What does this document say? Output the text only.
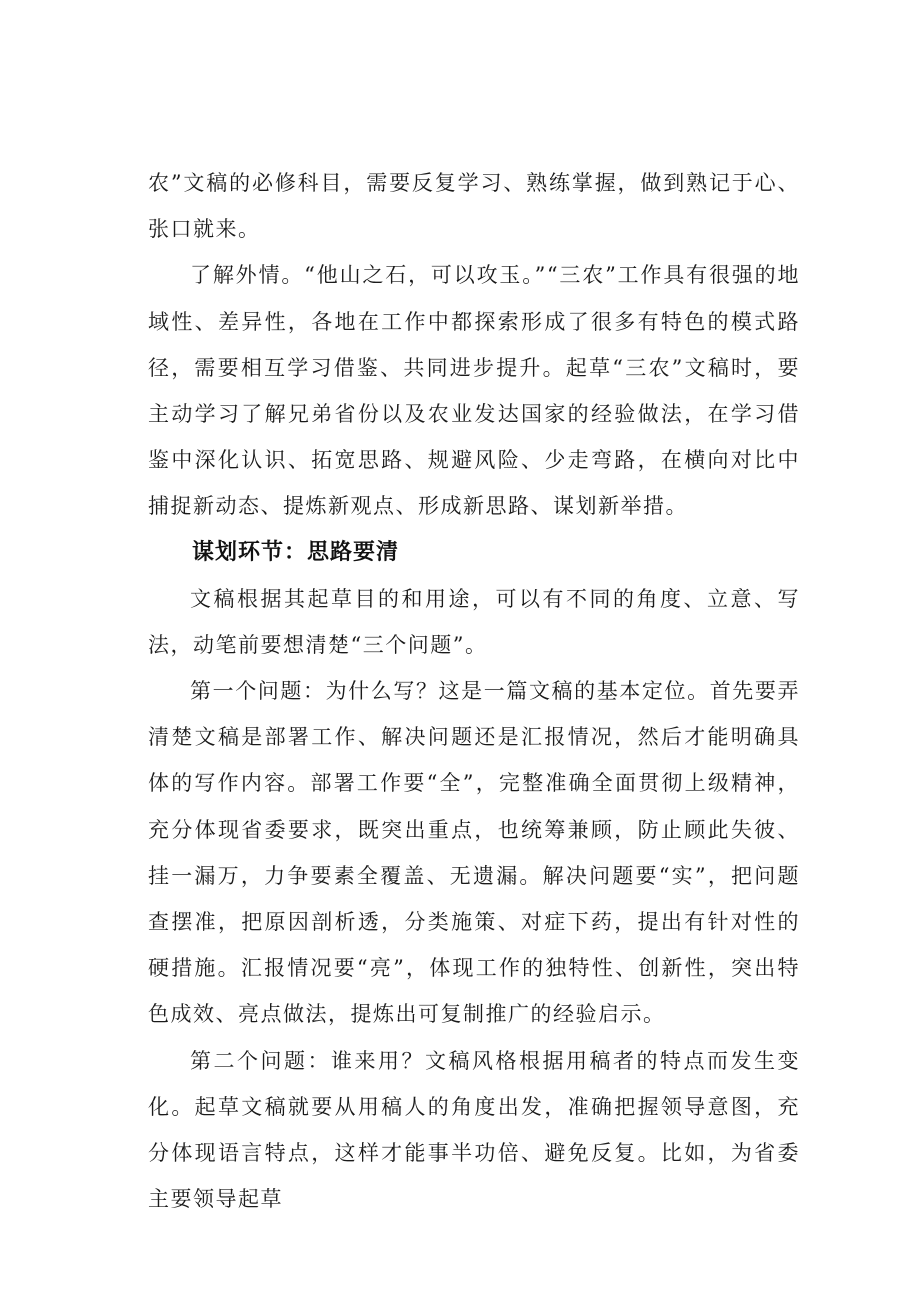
农”文稿的必修科目，需要反复学习、熟练掌握，做到熟记于心、张口就来。

了解外情。“他山之石，可以攻玉。”“三农”工作具有很强的地域性、差异性，各地在工作中都探索形成了很多有特色的模式路径，需要相互学习借鉴、共同进步提升。起草“三农”文稿时，要主动学习了解兄弟省份以及农业发达国家的经验做法，在学习借鉴中深化认识、拓宽思路、规避风险、少走弯路，在横向对比中捕捉新动态、提炼新观点、形成新思路、谋划新举措。

谋划环节：思路要清

文稿根据其起草目的和用途，可以有不同的角度、立意、写法，动笔前要想清楚“三个问题”。

第一个问题：为什么写？这是一篇文稿的基本定位。首先要弄清楚文稿是部署工作、解决问题还是汇报情况，然后才能明确具体的写作内容。部署工作要“全”，完整准确全面贯彻上级精神，充分体现省委要求，既突出重点，也统筹兼顾，防止顾此失彼、挂一漏万，力争要素全覆盖、无遗漏。解决问题要“实”，把问题查摆准，把原因剖析透，分类施策、对症下药，提出有针对性的硬措施。汇报情况要“亮”，体现工作的独特性、创新性，突出特色成效、亮点做法，提炼出可复制推广的经验启示。

第二个问题：谁来用？文稿风格根据用稿者的特点而发生变化。起草文稿就要从用稿人的角度出发，准确把握领导意图，充分体现语言特点，这样才能事半功倍、避免反复。比如，为省委主要领导起草
